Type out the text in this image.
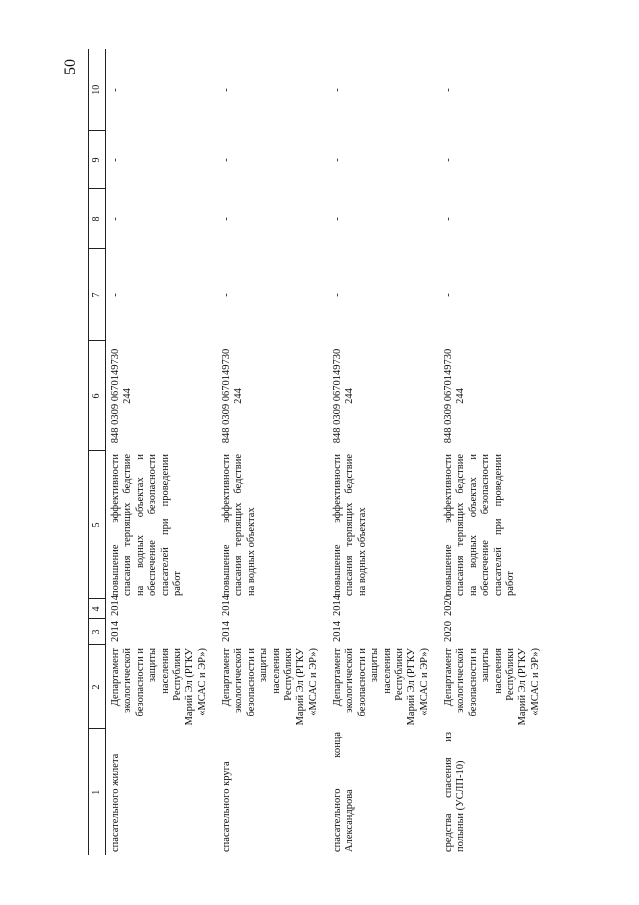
50
1	2	3	4	5	6	7	8	9	10
спасательного жилета	Департамент экологической безопасности и защиты населения Республики Марий Эл (РГКУ «МСАС и ЭР»)	2014	2014	повышение эффективности спасания терпящих бедствие на водных объектах и обеспечение безопасности спасателей при проведении работ	848 0309 0670149730 244	-	-	-	-
спасательного круга	Департамент экологической безопасности и защиты населения Республики Марий Эл (РГКУ «МСАС и ЭР»)	2014	2014	повышение эффективности спасания терпящих бедствие на водных объектах	848 0309 0670149730 244	-	-	-	-
спасательного конца Александрова	Департамент экологической безопасности и защиты населения Республики Марий Эл (РГКУ «МСАС и ЭР»)	2014	2014	повышение эффективности спасания терпящих бедствие на водных объектах	848 0309 0670149730 244	-	-	-	-
средства спасения из полыньи (УСЛП-10)	Департамент экологической безопасности и защиты населения Республики Марий Эл (РГКУ «МСАС и ЭР»)	2020	2020	повышение эффективности спасания терпящих бедствие на водных объектах и обеспечение безопасности спасателей при проведении работ	848 0309 0670149730 244	-	-	-	-
